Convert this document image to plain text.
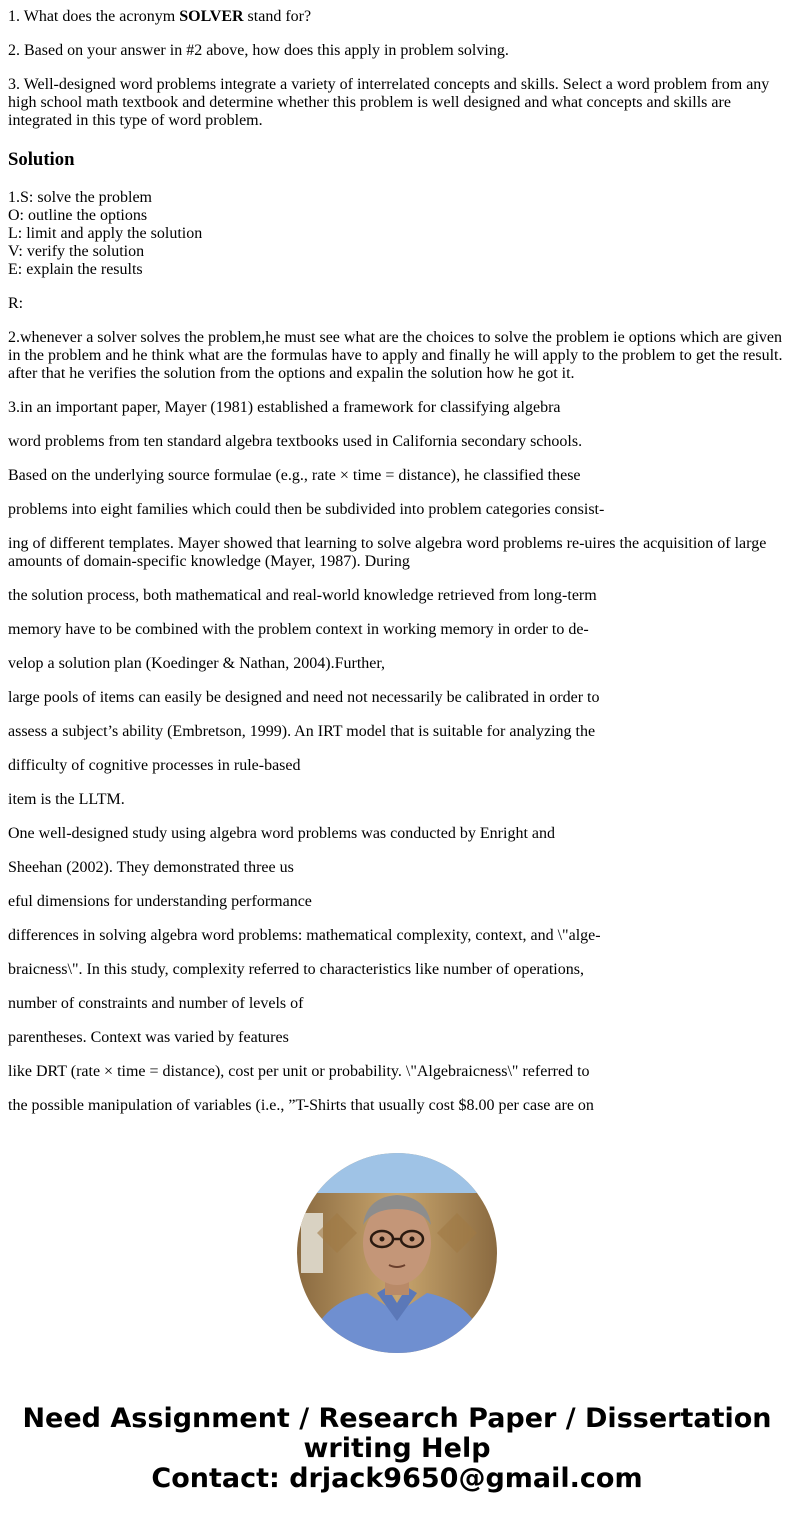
1. What does the acronym SOLVER stand for?

2. Based on your answer in #2 above, how does this apply in problem solving.

3. Well-designed word problems integrate a variety of interrelated concepts and skills. Select a word problem from any high school math textbook and determine whether this problem is well designed and what concepts and skills are integrated in this type of word problem.

Solution
1.S: solve the problem
O: outline the options
L: limit and apply the solution
V: verify the solution
E: explain the results

R:

2.whenever a solver solves the problem,he must see what are the choices to solve the problem ie options which are given in the problem and he think what are the formulas have to apply and finally he will apply to the problem to get the result. after that he verifies the solution from the options and expalin the solution how he got it.

3.in an important paper, Mayer (1981) established a framework for classifying algebra

word problems from ten standard algebra textbooks used in California secondary schools.

Based on the underlying source formulae (e.g., rate × time = distance), he classified these

problems into eight families which could then be subdivided into problem categories consist-

ing of different templates. Mayer showed that learning to solve algebra word problems re-uires the acquisition of large amounts of domain-specific knowledge (Mayer, 1987). During

the solution process, both mathematical and real-world knowledge retrieved from long-term

memory have to be combined with the problem context in working memory in order to de-

velop a solution plan (Koedinger & Nathan, 2004).Further,

large pools of items can easily be designed and need not necessarily be calibrated in order to

assess a subject’s ability (Embretson, 1999). An IRT model that is suitable for analyzing the

difficulty of cognitive processes in rule-based

item is the LLTM.

One well-designed study using algebra word problems was conducted by Enright and

Sheehan (2002). They demonstrated three us

eful dimensions for understanding performance

differences in solving algebra word problems: mathematical complexity, context, and \"alge-

braicness\". In this study, complexity referred to characteristics like number of operations,

number of constraints and number of levels of

parentheses. Context was varied by features

like DRT (rate × time = distance), cost per unit or probability. \"Algebraicness\" referred to

the possible manipulation of variables (i.e., ”T-Shirts that usually cost $8.00 per case are on

Need Assignment / Research Paper / Dissertation
writing Help
Contact: drjack9650@gmail.com
